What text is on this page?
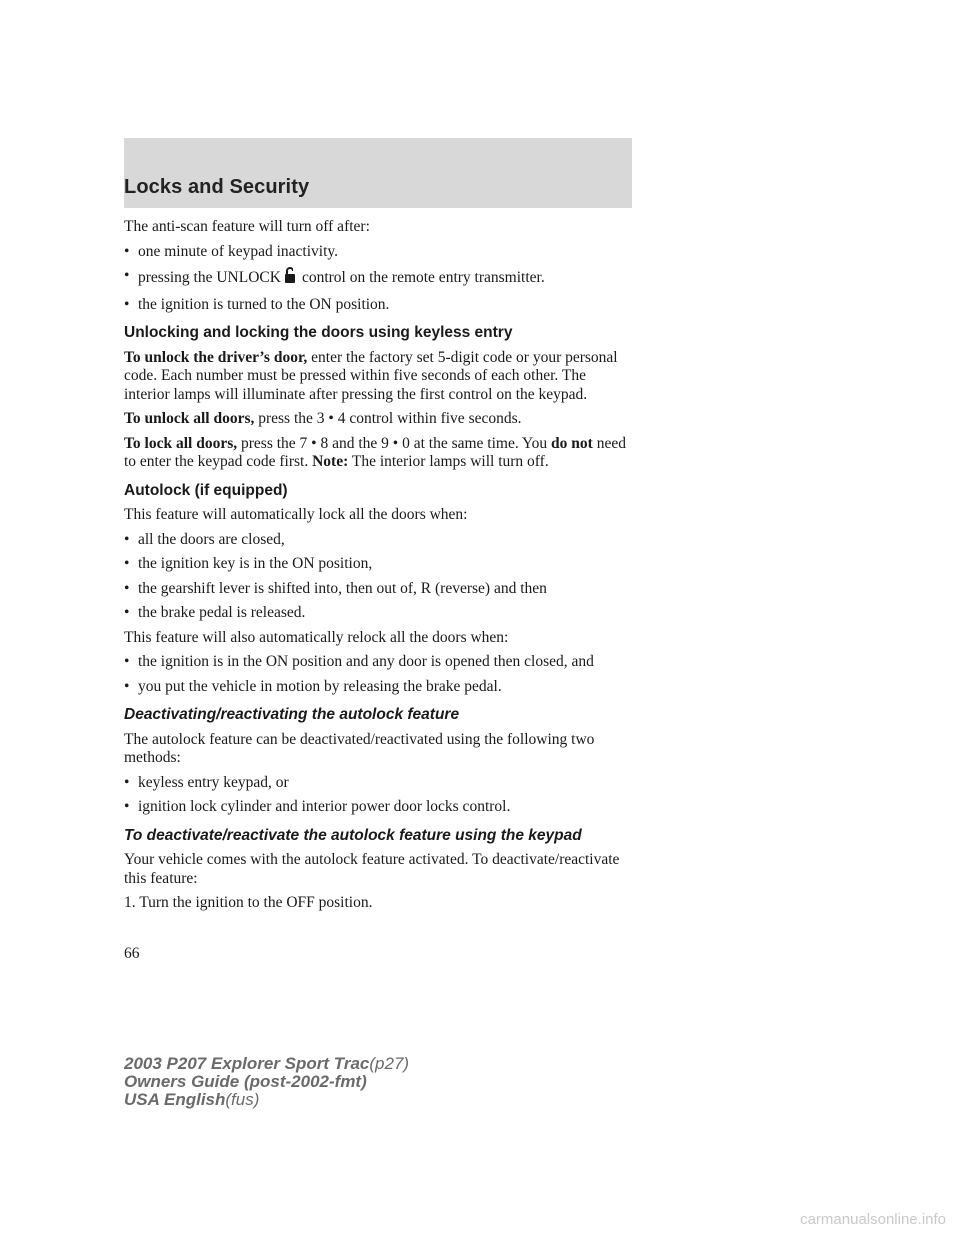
Locks and Security

The anti-scan feature will turn off after:

• one minute of keypad inactivity.
• pressing the UNLOCK control on the remote entry transmitter.
• the ignition is turned to the ON position.
Unlocking and locking the doors using keyless entry

To unlock the driver’s door, enter the factory set 5-digit code or your personal code. Each number must be pressed within five seconds of each other. The interior lamps will illuminate after pressing the first control on the keypad.

To unlock all doors, press the 3 • 4 control within five seconds.

To lock all doors, press the 7 • 8 and the 9 • 0 at the same time. You do not need to enter the keypad code first. Note: The interior lamps will turn off.

Autolock (if equipped)

This feature will automatically lock all the doors when:

• all the doors are closed,
• the ignition key is in the ON position,
• the gearshift lever is shifted into, then out of, R (reverse) and then
• the brake pedal is released.

This feature will also automatically relock all the doors when:

• the ignition is in the ON position and any door is opened then closed, and
• you put the vehicle in motion by releasing the brake pedal.
Deactivating/reactivating the autolock feature

The autolock feature can be deactivated/reactivated using the following two methods:

• keyless entry keypad, or
• ignition lock cylinder and interior power door locks control.
To deactivate/reactivate the autolock feature using the keypad

Your vehicle comes with the autolock feature activated. To deactivate/reactivate this feature:

1. Turn the ignition to the OFF position.

66
2003 P207 Explorer Sport Trac(p27)
Owners Guide (post-2002-fmt)
USA English(fus)
carmanualsonline.info
